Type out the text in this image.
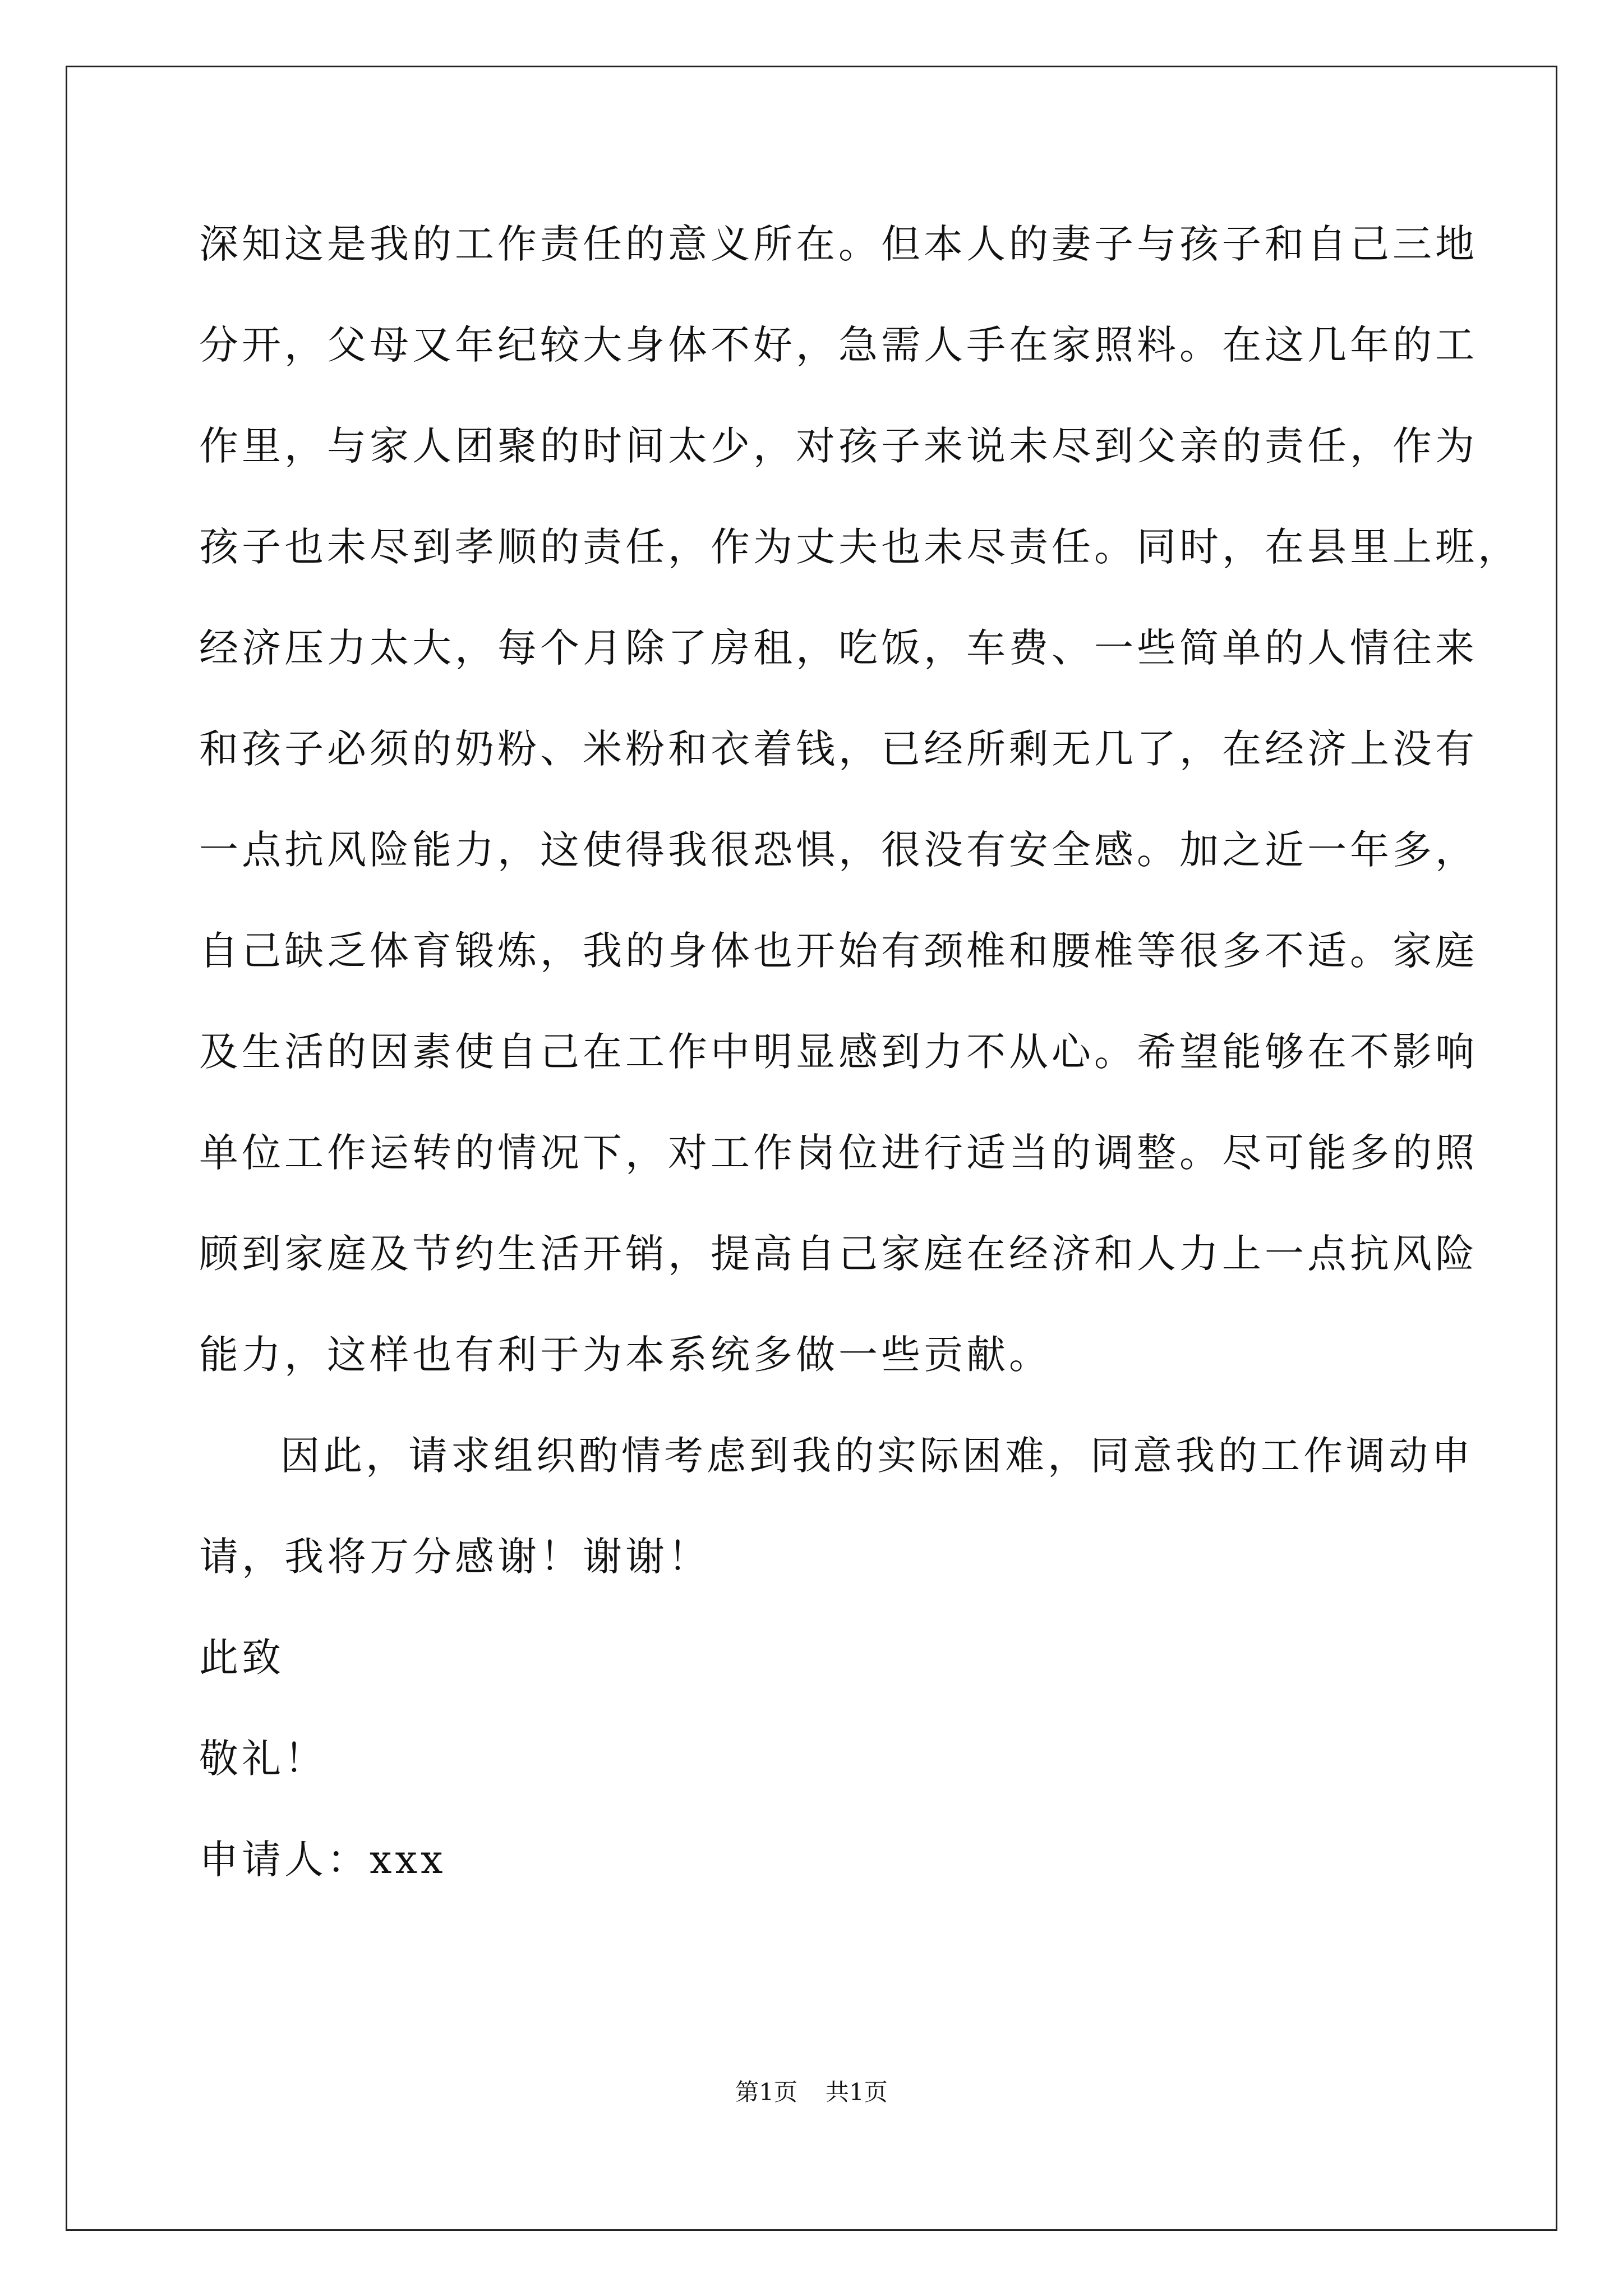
深知这是我的工作责任的意义所在。但本人的妻子与孩子和自己三地
分开，父母又年纪较大身体不好，急需人手在家照料。在这几年的工
作里，与家人团聚的时间太少，对孩子来说未尽到父亲的责任，作为
孩子也未尽到孝顺的责任，作为丈夫也未尽责任。同时，在县里上班，
经济压力太大，每个月除了房租，吃饭，车费、一些简单的人情往来
和孩子必须的奶粉、米粉和衣着钱，已经所剩无几了，在经济上没有
一点抗风险能力，这使得我很恐惧，很没有安全感。加之近一年多，
自己缺乏体育锻炼，我的身体也开始有颈椎和腰椎等很多不适。家庭
及生活的因素使自己在工作中明显感到力不从心。希望能够在不影响
单位工作运转的情况下，对工作岗位进行适当的调整。尽可能多的照
顾到家庭及节约生活开销，提高自己家庭在经济和人力上一点抗风险
能力，这样也有利于为本系统多做一些贡献。
因此，请求组织酌情考虑到我的实际困难，同意我的工作调动申
请，我将万分感谢！谢谢！
此致
敬礼！
申请人：xxx
第1页 共1页
